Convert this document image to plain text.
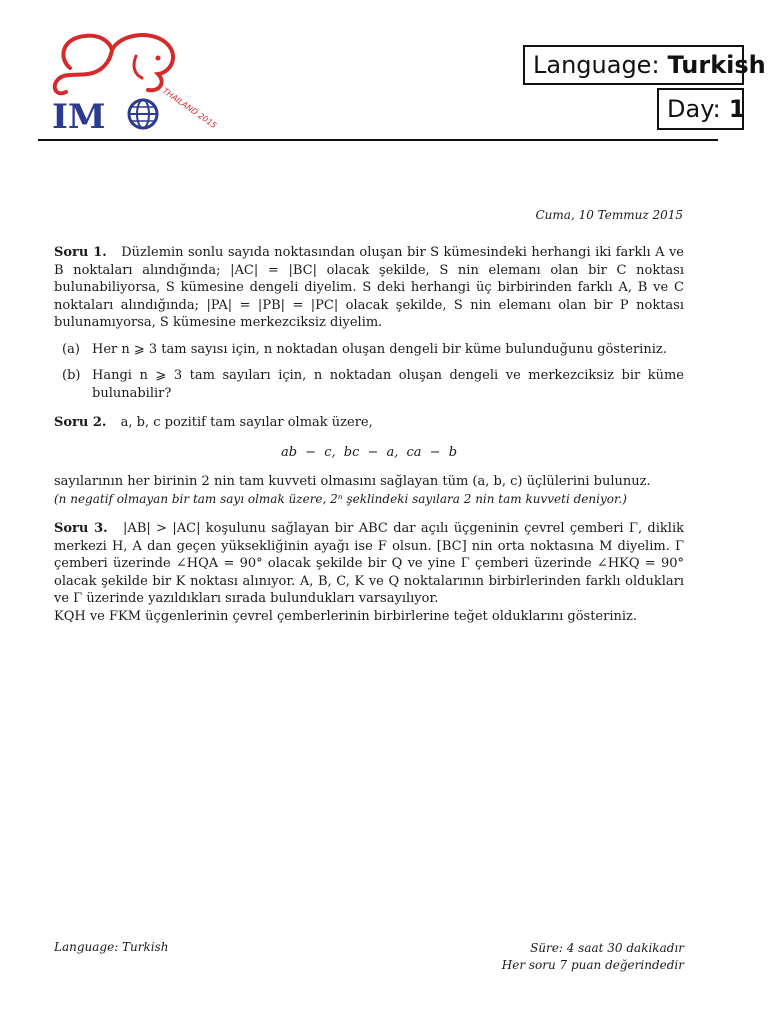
IM	THAILAND 2015
Language: Turkish
Day: 1
Cuma, 10 Temmuz 2015

Soru 1. Düzlemin sonlu sayıda noktasından oluşan bir S kümesindeki herhangi iki farklı A ve B noktaları alındığında; |AC| = |BC| olacak şekilde, S nin elemanı olan bir C noktası bulunabiliyorsa, S kümesine dengeli diyelim. S deki herhangi üç birbirinden farklı A, B ve C noktaları alındığında; |PA| = |PB| = |PC| olacak şekilde, S nin elemanı olan bir P noktası bulunamıyorsa, S kümesine merkezciksiz diyelim.

(a) Her n ⩾ 3 tam sayısı için, n noktadan oluşan dengeli bir küme bulunduğunu gösteriniz.
(b) Hangi n ⩾ 3 tam sayıları için, n noktadan oluşan dengeli ve merkezciksiz bir küme bulunabilir?

Soru 2. a, b, c pozitif tam sayılar olmak üzere,

ab − c, bc − a, ca − b

sayılarının her birinin 2 nin tam kuvveti olmasını sağlayan tüm (a, b, c) üçlülerini bulunuz.

(n negatif olmayan bir tam sayı olmak üzere, 2ⁿ şeklindeki sayılara 2 nin tam kuvveti deniyor.)

Soru 3. |AB| > |AC| koşulunu sağlayan bir ABC dar açılı üçgeninin çevrel çemberi Γ, diklik merkezi H, A dan geçen yüksekliğinin ayağı ise F olsun. [BC] nin orta noktasına M diyelim. Γ çemberi üzerinde ∠HQA = 90° olacak şekilde bir Q ve yine Γ çemberi üzerinde ∠HKQ = 90° olacak şekilde bir K noktası alınıyor. A, B, C, K ve Q noktalarının birbirlerinden farklı oldukları ve Γ üzerinde yazıldıkları sırada bulundukları varsayılıyor.

KQH ve FKM üçgenlerinin çevrel çemberlerinin birbirlerine teğet olduklarını gösteriniz.

Language: Turkish	Süre: 4 saat 30 dakikadır
Her soru 7 puan değerindedir
